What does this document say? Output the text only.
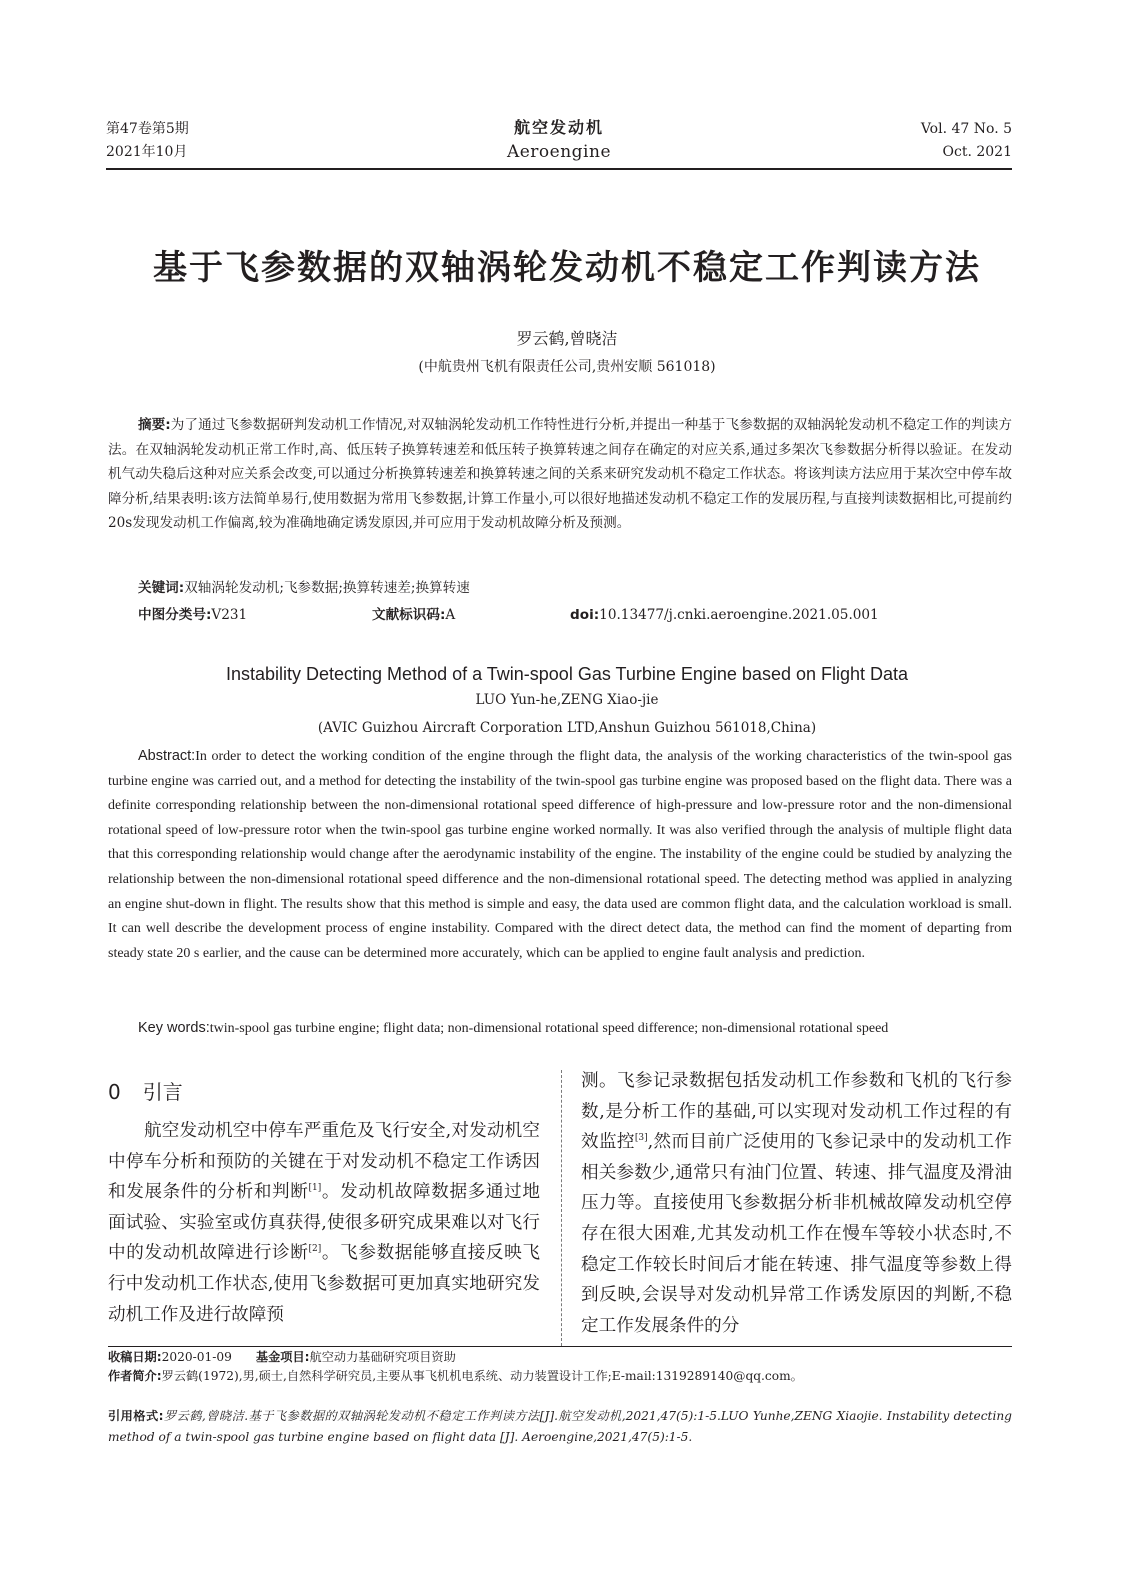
第47卷第5期
2021年10月
航空发动机
Aeroengine
Vol. 47 No. 5
Oct. 2021
基于飞参数据的双轴涡轮发动机不稳定工作判读方法
罗云鹤,曾晓洁
(中航贵州飞机有限责任公司,贵州安顺 561018)

摘要:为了通过飞参数据研判发动机工作情况,对双轴涡轮发动机工作特性进行分析,并提出一种基于飞参数据的双轴涡轮发动机不稳定工作的判读方法。在双轴涡轮发动机正常工作时,高、低压转子换算转速差和低压转子换算转速之间存在确定的对应关系,通过多架次飞参数据分析得以验证。在发动机气动失稳后这种对应关系会改变,可以通过分析换算转速差和换算转速之间的关系来研究发动机不稳定工作状态。将该判读方法应用于某次空中停车故障分析,结果表明:该方法简单易行,使用数据为常用飞参数据,计算工作量小,可以很好地描述发动机不稳定工作的发展历程,与直接判读数据相比,可提前约20s发现发动机工作偏离,较为准确地确定诱发原因,并可应用于发动机故障分析及预测。

关键词:双轴涡轮发动机;飞参数据;换算转速差;换算转速
中图分类号:V231	文献标识码:A	doi:10.13477/j.cnki.aeroengine.2021.05.001
Instability Detecting Method of a Twin-spool Gas Turbine Engine based on Flight Data
LUO Yun-he,ZENG Xiao-jie
(AVIC Guizhou Aircraft Corporation LTD,Anshun Guizhou 561018,China)

Abstract:In order to detect the working condition of the engine through the flight data, the analysis of the working characteristics of the twin-spool gas turbine engine was carried out, and a method for detecting the instability of the twin-spool gas turbine engine was proposed based on the flight data. There was a definite corresponding relationship between the non-dimensional rotational speed difference of high-pressure and low-pressure rotor and the non-dimensional rotational speed of low-pressure rotor when the twin-spool gas turbine engine worked normally. It was also verified through the analysis of multiple flight data that this corresponding relationship would change after the aerodynamic instability of the engine. The instability of the engine could be studied by analyzing the relationship between the non-dimensional rotational speed difference and the non-dimensional rotational speed. The detecting method was applied in analyzing an engine shut-down in flight. The results show that this method is simple and easy, the data used are common flight data, and the calculation workload is small. It can well describe the development process of engine instability. Compared with the direct detect data, the method can find the moment of departing from steady state 20 s earlier, and the cause can be determined more accurately, which can be applied to engine fault analysis and prediction.

Key words:twin-spool gas turbine engine; flight data; non-dimensional rotational speed difference; non-dimensional rotational speed
0 引言

航空发动机空中停车严重危及飞行安全,对发动机空中停车分析和预防的关键在于对发动机不稳定工作诱因和发展条件的分析和判断[1]。发动机故障数据多通过地面试验、实验室或仿真获得,使很多研究成果难以对飞行中的发动机故障进行诊断[2]。飞参数据能够直接反映飞行中发动机工作状态,使用飞参数据可更加真实地研究发动机工作及进行故障预

测。飞参记录数据包括发动机工作参数和飞机的飞行参数,是分析工作的基础,可以实现对发动机工作过程的有效监控[3],然而目前广泛使用的飞参记录中的发动机工作相关参数少,通常只有油门位置、转速、排气温度及滑油压力等。直接使用飞参数据分析非机械故障发动机空停存在很大困难,尤其发动机工作在慢车等较小状态时,不稳定工作较长时间后才能在转速、排气温度等参数上得到反映,会误导对发动机异常工作诱发原因的判断,不稳定工作发展条件的分

收稿日期:2020-01-09 基金项目:航空动力基础研究项目资助
作者简介:罗云鹤(1972),男,硕士,自然科学研究员,主要从事飞机机电系统、动力装置设计工作;E-mail:1319289140@qq.com。
引用格式:罗云鹤,曾晓洁.基于飞参数据的双轴涡轮发动机不稳定工作判读方法[J].航空发动机,2021,47(5):1-5.LUO Yunhe,ZENG Xiaojie. Instability detecting method of a twin-spool gas turbine engine based on flight data [J]. Aeroengine,2021,47(5):1-5.
